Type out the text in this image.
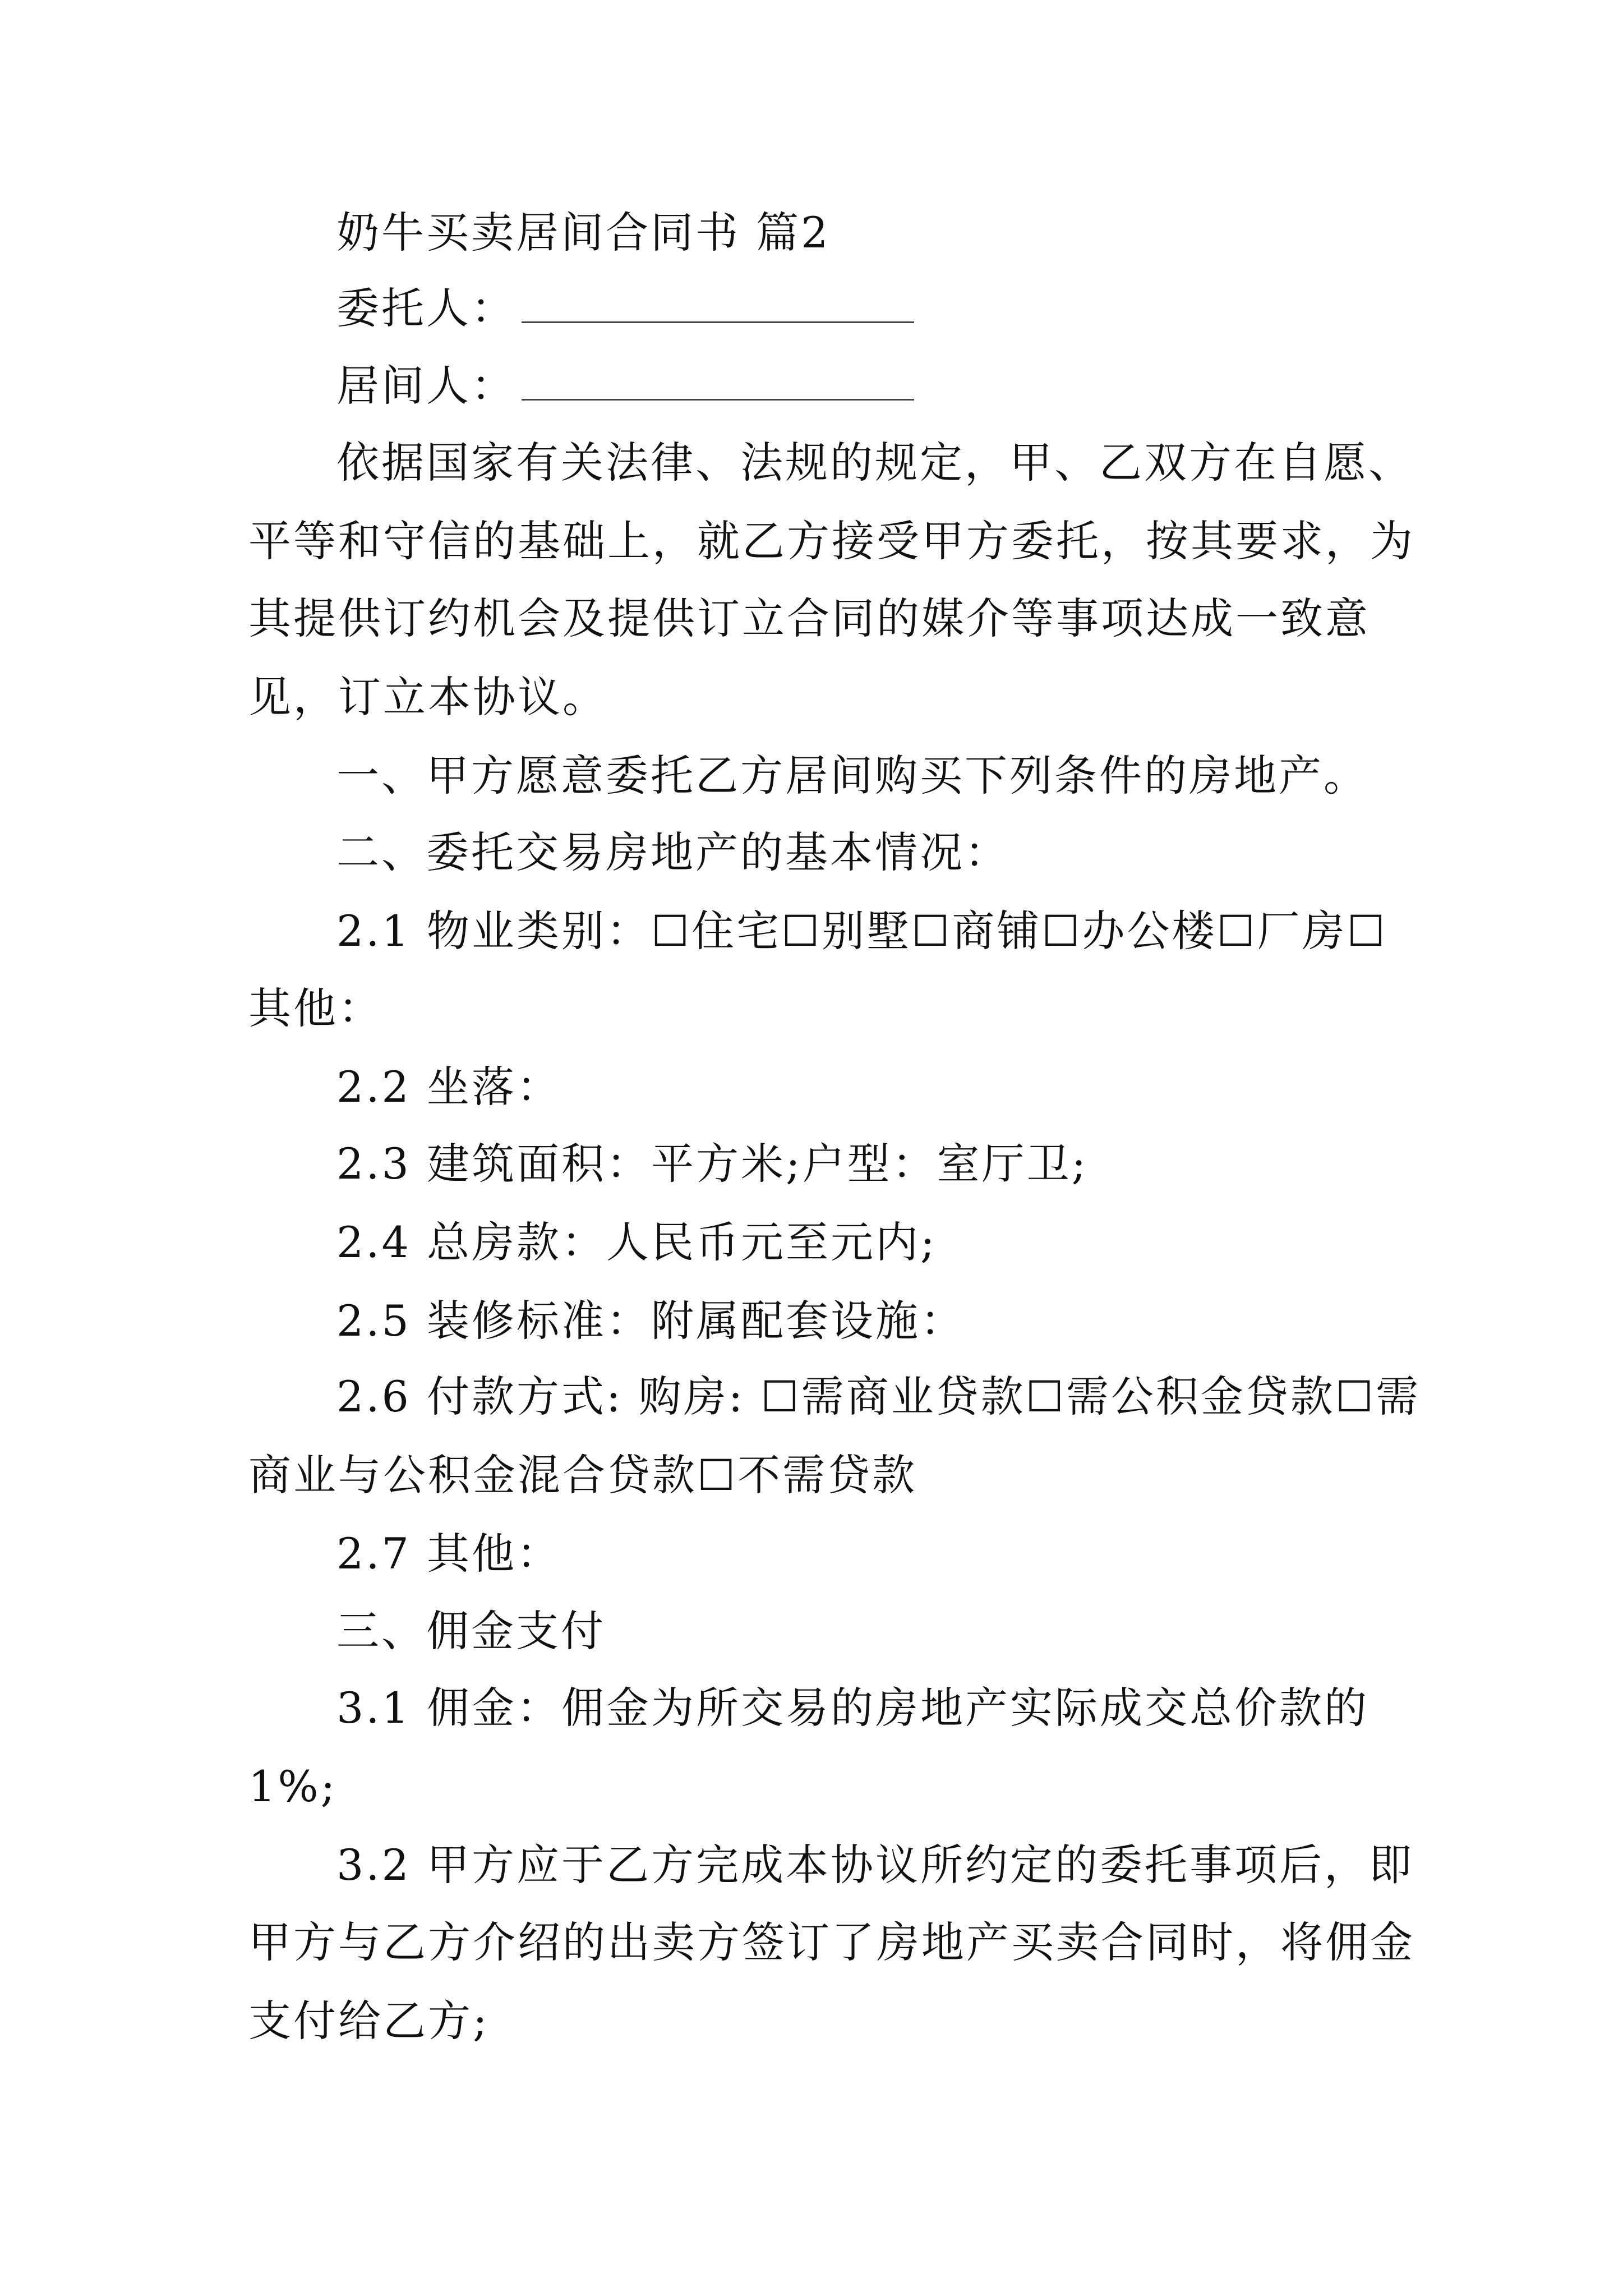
奶牛买卖居间合同书 篇2
委托人：
居间人：
依据国家有关法律、法规的规定，甲、乙双方在自愿、
平等和守信的基础上，就乙方接受甲方委托，按其要求，为
其提供订约机会及提供订立合同的媒介等事项达成一致意
见，订立本协议。
一、甲方愿意委托乙方居间购买下列条件的房地产。
二、委托交易房地产的基本情况：
2.1 物业类别：☐住宅☐别墅☐商铺☐办公楼☐厂房☐
其他：
2.2 坐落：
2.3 建筑面积：平方米;户型：室厅卫;
2.4 总房款：人民币元至元内;
2.5 装修标准：附属配套设施：
2.6 付款方式: 购房: ☐需商业贷款☐需公积金贷款☐需
商业与公积金混合贷款☐不需贷款
2.7 其他：
三、佣金支付
3.1 佣金：佣金为所交易的房地产实际成交总价款的
1%;
3.2 甲方应于乙方完成本协议所约定的委托事项后，即
甲方与乙方介绍的出卖方签订了房地产买卖合同时，将佣金
支付给乙方;
